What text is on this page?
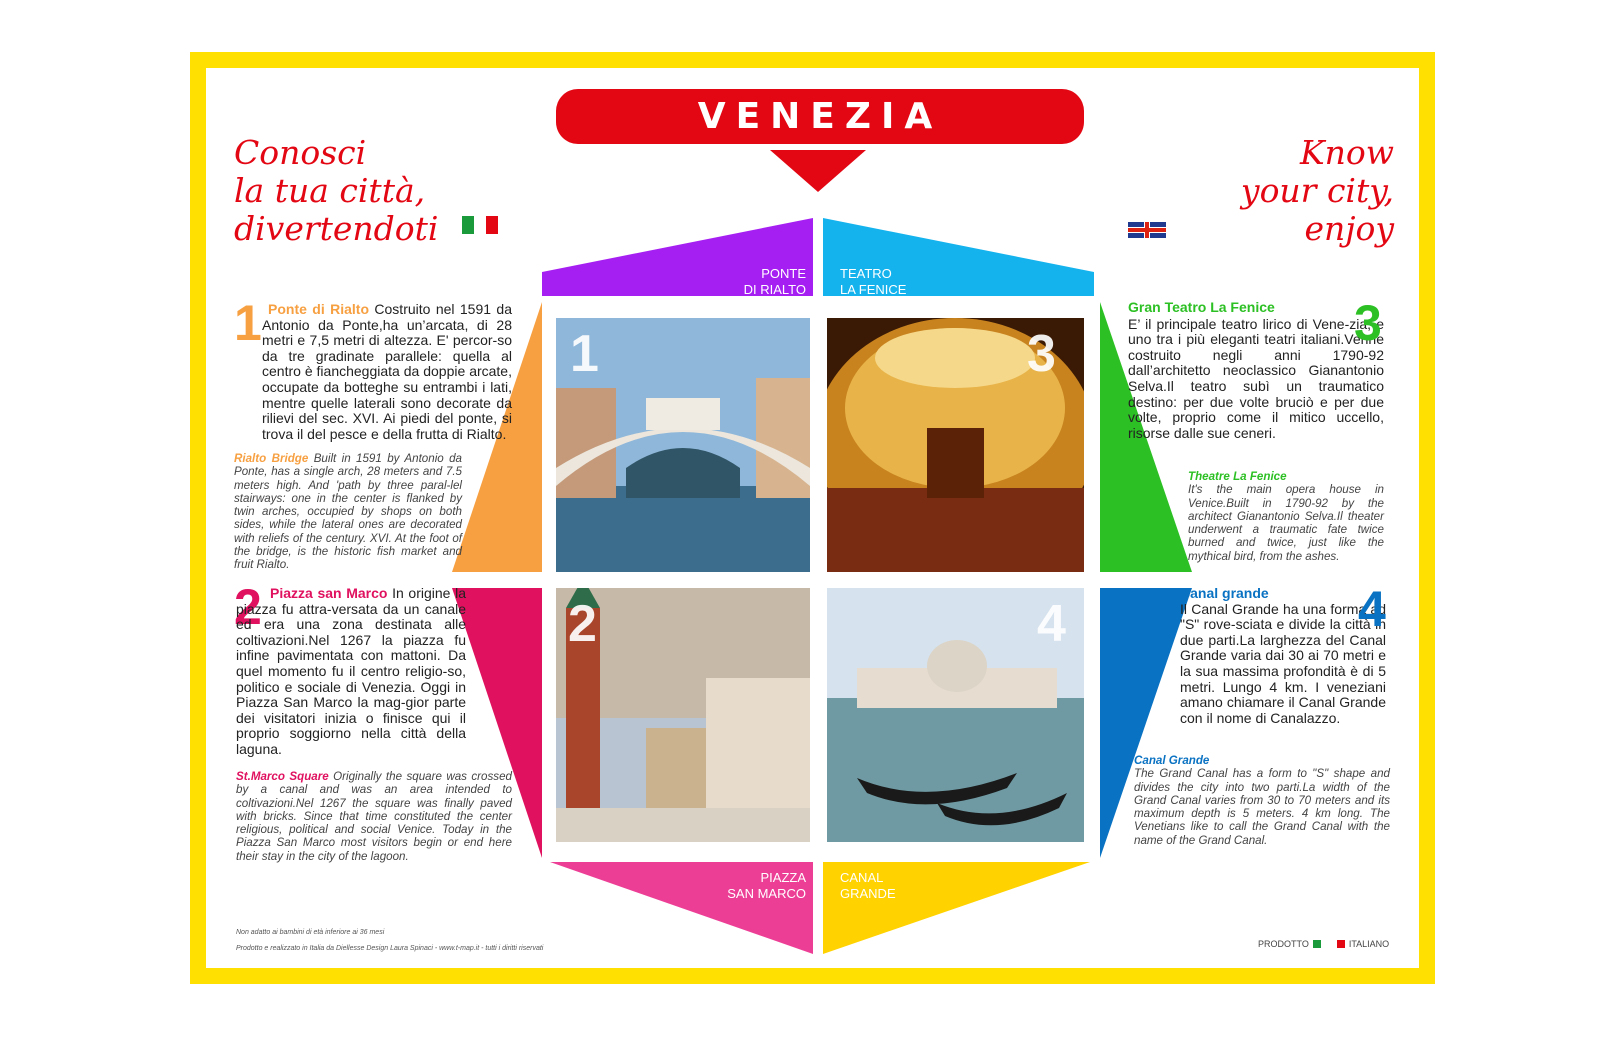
VENEZIA
Conosci
la tua città,
divertendoti
Know
your city,
enjoy
PONTE
DI RIALTO
TEATRO
LA FENICE
PIAZZA
SAN MARCO
CANAL
GRANDE
1	3
2	4
1 Ponte di Rialto Costruito nel 1591 da Antonio da Ponte,ha un’arcata, di 28 metri e 7,5 metri di altezza. E' percor-so da tre gradinate parallele: quella al centro è fiancheggiata da doppie arcate, occupate da botteghe su entrambi i lati, mentre quelle laterali sono decorate da rilievi del sec. XVI. Ai piedi del ponte, si trova il del pesce e della frutta di Rialto.
Rialto Bridge Built in 1591 by Antonio da Ponte, has a single arch, 28 meters and 7.5 meters high. And 'path by three paral-lel stairways: one in the center is flanked by twin arches, occupied by shops on both sides, while the lateral ones are decorated with reliefs of the century. XVI. At the foot of the bridge, is the historic fish market and fruit Rialto.
2 Piazza san Marco In origine la piazza fu attra-versata da un canale ed era una zona destinata alle coltivazioni.Nel 1267 la piazza fu infine pavimentata con mattoni. Da quel momento fu il centro religio-so, politico e sociale di Venezia. Oggi in Piazza San Marco la mag-gior parte dei visitatori inizia o finisce qui il proprio soggiorno nella città della laguna.
St.Marco Square Originally the square was crossed by a canal and was an area intended to coltivazioni.Nel 1267 the square was finally paved with bricks. Since that time constituted the center religious, political and social Venice. Today in the Piazza San Marco most visitors begin or end here their stay in the city of the lagoon.
Gran Teatro La Fenice
E’ il principale teatro lirico di Vene-zia, e uno tra i più eleganti teatri italiani.Venne costruito negli anni 1790-92 dall’architetto neoclassico Gianantonio Selva.Il teatro subì un traumatico destino: per due volte bruciò e per due volte, proprio come il mitico uccello, risorse dalle sue ceneri.
3
Theatre La Fenice
It's the main opera house in Venice.Built in 1790-92 by the architect Gianantonio Selva.Il theater underwent a traumatic fate twice burned and twice, just like the mythical bird, from the ashes.
Canal grande
Il Canal Grande ha una forma ad "S" rove-sciata e divide la città in due parti.La larghezza del Canal Grande varia dai 30 ai 70 metri e la sua massima profondità è di 5 metri. Lungo 4 km. I veneziani amano chiamare il Canal Grande con il nome di Canalazzo.
4
Canal Grande
The Grand Canal has a form to "S" shape and divides the city into two parti.La width of the Grand Canal varies from 30 to 70 meters and its maximum depth is 5 meters. 4 km long. The Venetians like to call the Grand Canal with the name of the Grand Canal.
Non adatto ai bambini di età inferiore ai 36 mesi
Prodotto e realizzato in Italia da Diellesse Design Laura Spinaci - www.t-map.it - tutti i diritti riservati	PRODOTTO	ITALIANO
